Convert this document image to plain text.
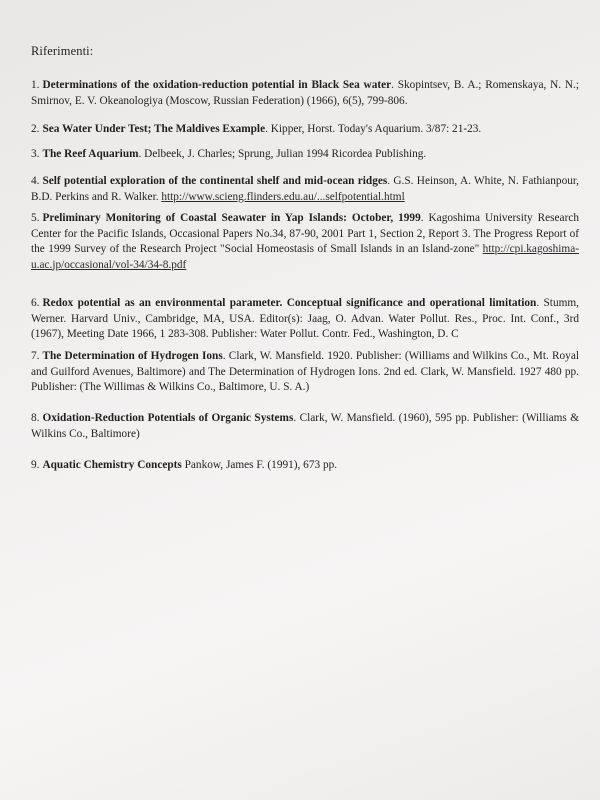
Riferimenti:

1. Determinations of the oxidation-reduction potential in Black Sea water. Skopintsev, B. A.; Romenskaya, N. N.; Smirnov, E. V. Okeanologiya (Moscow, Russian Federation) (1966), 6(5), 799-806.

2. Sea Water Under Test; The Maldives Example. Kipper, Horst. Today's Aquarium. 3/87: 21-23.

3. The Reef Aquarium. Delbeek, J. Charles; Sprung, Julian 1994 Ricordea Publishing.

4. Self potential exploration of the continental shelf and mid-ocean ridges. G.S. Heinson, A. White, N. Fathianpour, B.D. Perkins and R. Walker. http://www.scieng.flinders.edu.au/...selfpotential.html

5. Preliminary Monitoring of Coastal Seawater in Yap Islands: October, 1999. Kagoshima University Research Center for the Pacific Islands, Occasional Papers No.34, 87-90, 2001 Part 1, Section 2, Report 3. The Progress Report of the 1999 Survey of the Research Project "Social Homeostasis of Small Islands in an Island-zone" http://cpi.kagoshima-u.ac.jp/occasional/vol-34/34-8.pdf

6. Redox potential as an environmental parameter. Conceptual significance and operational limitation. Stumm, Werner. Harvard Univ., Cambridge, MA, USA. Editor(s): Jaag, O. Advan. Water Pollut. Res., Proc. Int. Conf., 3rd (1967), Meeting Date 1966, 1 283-308. Publisher: Water Pollut. Contr. Fed., Washington, D. C

7. The Determination of Hydrogen Ions. Clark, W. Mansfield. 1920. Publisher: (Williams and Wilkins Co., Mt. Royal and Guilford Avenues, Baltimore) and The Determination of Hydrogen Ions. 2nd ed. Clark, W. Mansfield. 1927 480 pp. Publisher: (The Willimas & Wilkins Co., Baltimore, U. S. A.)

8. Oxidation-Reduction Potentials of Organic Systems. Clark, W. Mansfield. (1960), 595 pp. Publisher: (Williams & Wilkins Co., Baltimore)

9. Aquatic Chemistry Concepts Pankow, James F. (1991), 673 pp.
